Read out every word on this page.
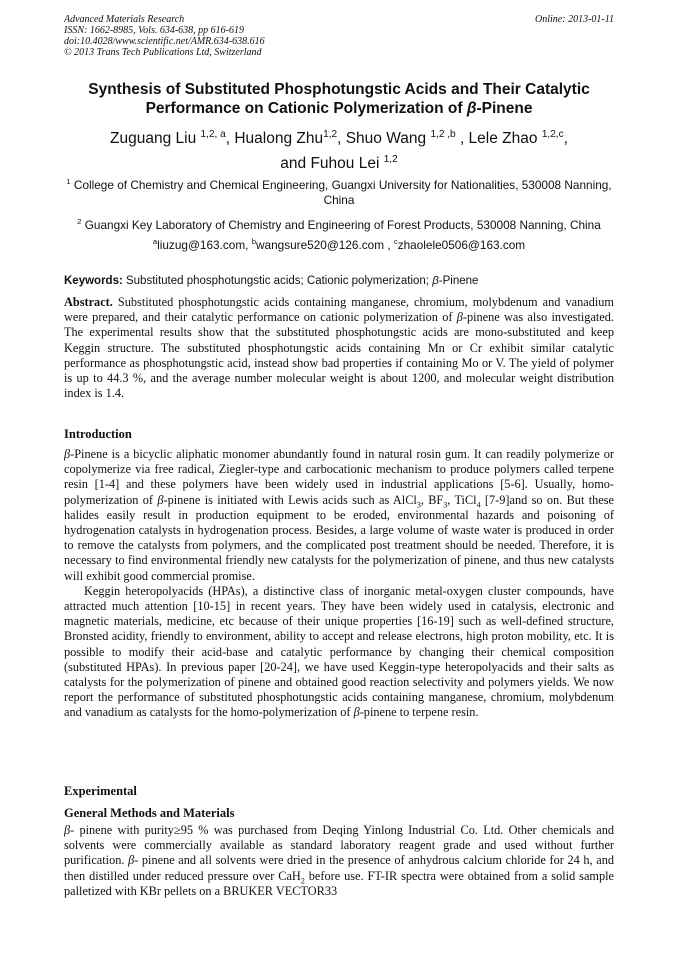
Advanced Materials Research
ISSN: 1662-8985, Vols. 634-638, pp 616-619
doi:10.4028/www.scientific.net/AMR.634-638.616
© 2013 Trans Tech Publications Ltd, Switzerland
Online: 2013-01-11
Synthesis of Substituted Phosphotungstic Acids and Their Catalytic
Performance on Cationic Polymerization of β-Pinene
Zuguang Liu $^{1,2, a}$, Hualong Zhu$^{1,2}$, Shuo Wang $^{1,2 ,b}$ , Lele Zhao $^{1,2,c}$,
and Fuhou Lei $^{1,2}$
$^1$ College of Chemistry and Chemical Engineering, Guangxi University for Nationalities, 530008 Nanning, China
$^2$ Guangxi Key Laboratory of Chemistry and Engineering of Forest Products, 530008 Nanning, China
$^a$liuzug@163.com, $^b$wangsure520@126.com , $^c$zhaolele0506@163.com
Keywords: Substituted phosphotungstic acids; Cationic polymerization; β-Pinene
Abstract. Substituted phosphotungstic acids containing manganese, chromium, molybdenum and vanadium were prepared, and their catalytic performance on cationic polymerization of β-pinene was also investigated. The experimental results show that the substituted phosphotungstic acids are mono-substituted and keep Keggin structure. The substituted phosphotungstic acids containing Mn or Cr exhibit similar catalytic performance as phosphotungstic acid, instead show bad properties if containing Mo or V. The yield of polymer is up to 44.3 %, and the average number molecular weight is about 1200, and molecular weight distribution index is 1.4.
Introduction

β-Pinene is a bicyclic aliphatic monomer abundantly found in natural rosin gum. It can readily polymerize or copolymerize via free radical, Ziegler-type and carbocationic mechanism to produce polymers called terpene resin [1-4] and these polymers have been widely used in industrial applications [5-6]. Usually, homo-polymerization of β-pinene is initiated with Lewis acids such as AlCl$_3$, $BF_3$, TiCl$_4$ [7-9]and so on. But these halides easily result in production equipment to be eroded, environmental hazards and poisoning of hydrogenation catalysts in hydrogenation process. Besides, a large volume of waste water is produced in order to remove the catalysts from polymers, and the complicated post treatment should be needed. Therefore, it is necessary to find environmental friendly new catalysts for the polymerization of pinene, and thus new catalysts will exhibit good commercial promise.

Keggin heteropolyacids (HPAs), a distinctive class of inorganic metal-oxygen cluster compounds, have attracted much attention [10-15] in recent years. They have been widely used in catalysis, electronic and magnetic materials, medicine, etc because of their unique properties [16-19] such as well-defined structure, Bronsted acidity, friendly to environment, ability to accept and release electrons, high proton mobility, etc. It is possible to modify their acid-base and catalytic performance by changing their chemical composition (substituted HPAs). In previous paper [20-24], we have used Keggin-type heteropolyacids and their salts as catalysts for the polymerization of pinene and obtained good reaction selectivity and polymers yields. We now report the performance of substituted phosphotungstic acids containing manganese, chromium, molybdenum and vanadium as catalysts for the homo-polymerization of β-pinene to terpene resin.

Experimental
General Methods and Materials

β- pinene with purity≥95 % was purchased from Deqing Yinlong Industrial Co. Ltd. Other chemicals and solvents were commercially available as standard laboratory reagent grade and used without further purification. β- pinene and all solvents were dried in the presence of anhydrous calcium chloride for 24 h, and then distilled under reduced pressure over CaH$_2$ before use. FT-IR spectra were obtained from a solid sample palletized with KBr pellets on a BRUKER VECTOR33
